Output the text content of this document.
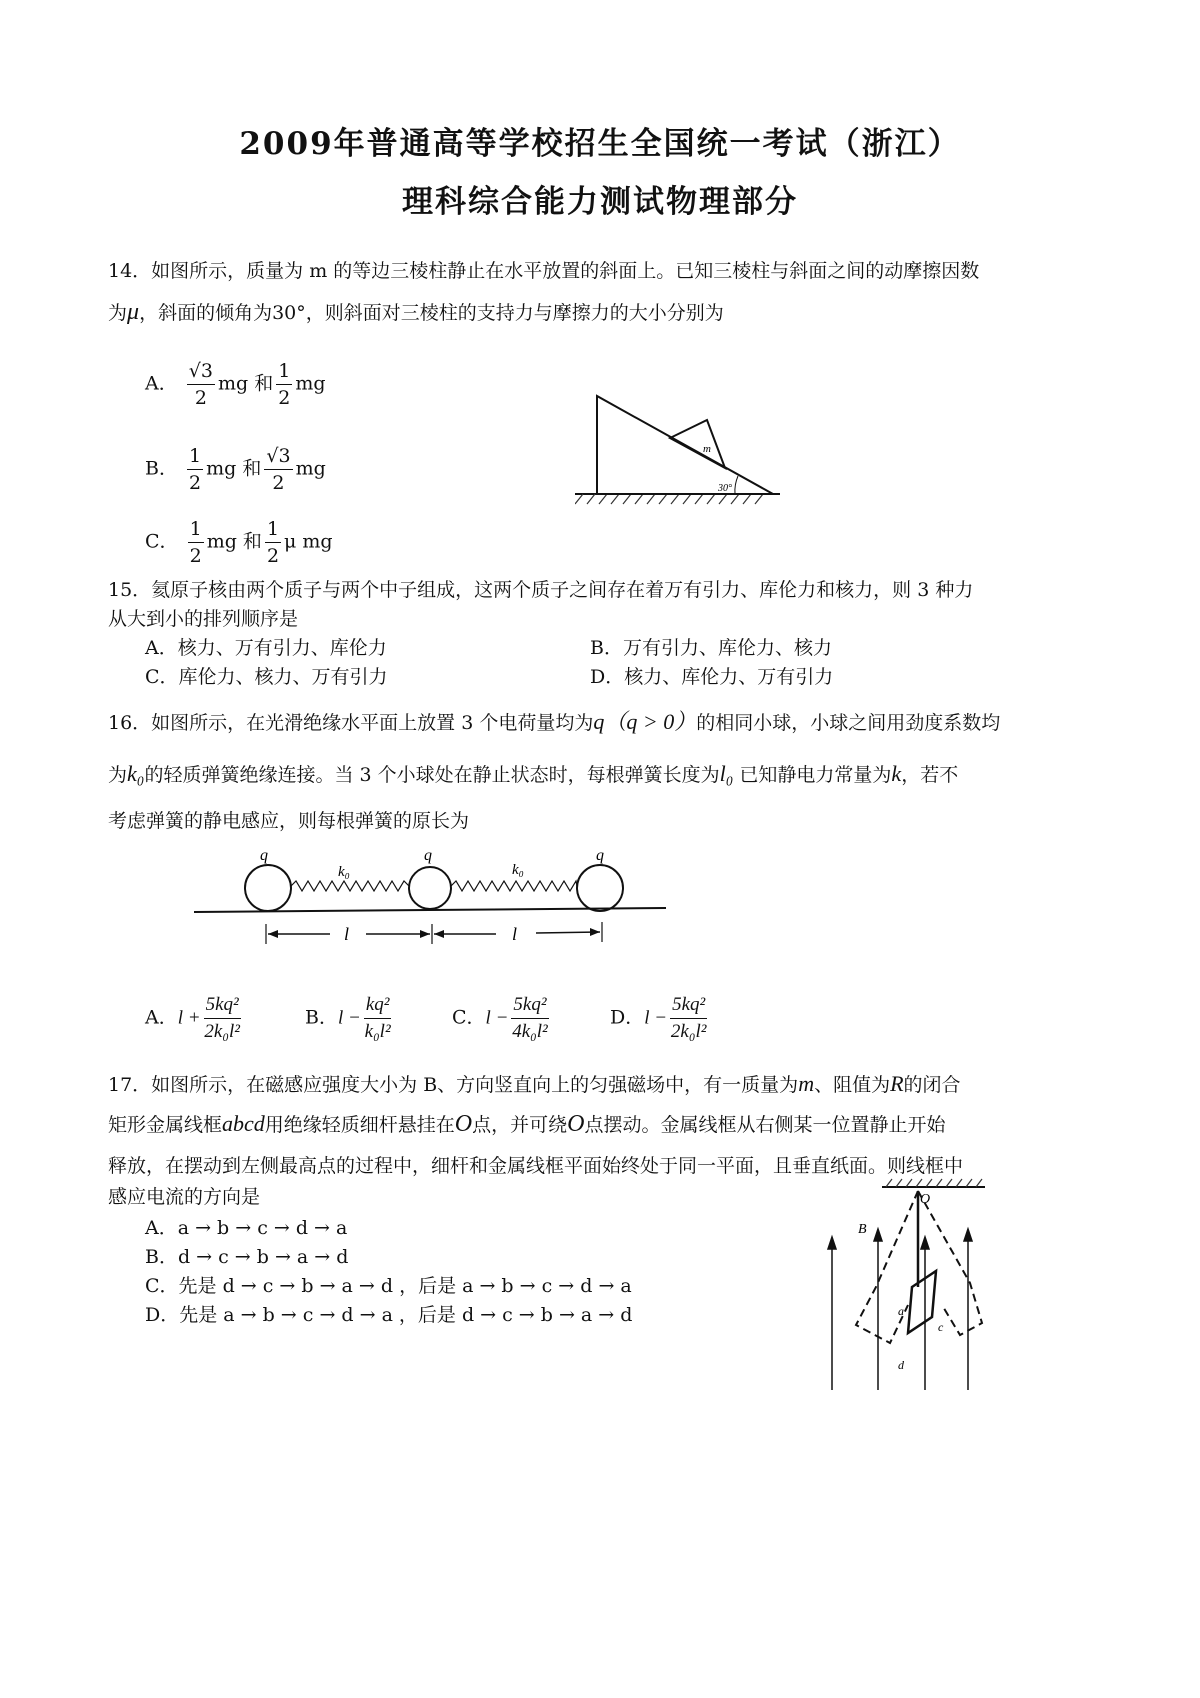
2009年普通高等学校招生全国统一考试（浙江）
理科综合能力测试物理部分
14．如图所示，质量为 m 的等边三棱柱静止在水平放置的斜面上。已知三棱柱与斜面之间的动摩擦因数
为μ，斜面的倾角为30°，则斜面对三棱柱的支持力与摩擦力的大小分别为
A． $\frac{√3}{2}$ mg 和 $\frac{1}{2}$ mg
B． $\frac{1}{2}$ mg 和 $\frac{√3}{2}$ mg
C． $\frac{1}{2}$ mg 和 $\frac{1}{2}$ μ mg
m
30°
15．氦原子核由两个质子与两个中子组成，这两个质子之间存在着万有引力、库伦力和核力，则 3 种力
从大到小的排列顺序是
A．核力、万有引力、库伦力	B．万有引力、库伦力、核力
C．库伦力、核力、万有引力	D．核力、库伦力、万有引力
16．如图所示，在光滑绝缘水平面上放置 3 个电荷量均为q（q > 0）的相同小球，小球之间用劲度系数均
为k₀的轻质弹簧绝缘连接。当 3 个小球处在静止状态时，每根弹簧长度为l₀ 已知静电力常量为k，若不
考虑弹簧的静电感应，则每根弹簧的原长为
q	q	q
k₀	k₀
l	l
A．$l + \frac{\text{5kq²}}{\text{2k₀l²}}$	B．$l - \frac{\text{kq²}}{\text{k₀l²}}$	C．$l - \frac{\text{5kq²}}{\text{4k₀l²}}$	D．$l - \frac{\text{5kq²}}{\text{2k₀l²}}$
17．如图所示，在磁感应强度大小为 B、方向竖直向上的匀强磁场中，有一质量为m、阻值为R的闭合
矩形金属线框abcd用绝缘轻质细杆悬挂在O点，并可绕O点摆动。金属线框从右侧某一位置静止开始
释放，在摆动到左侧最高点的过程中，细杆和金属线框平面始终处于同一平面，且垂直纸面。则线框中
感应电流的方向是
A．a → b → c → d → a
B．d → c → b → a → d
C．先是 d → c → b → a → d ，后是 a → b → c → d → a
D．先是 a → b → c → d → a ，后是 d → c → b → a → d
O
B
a
c
d
